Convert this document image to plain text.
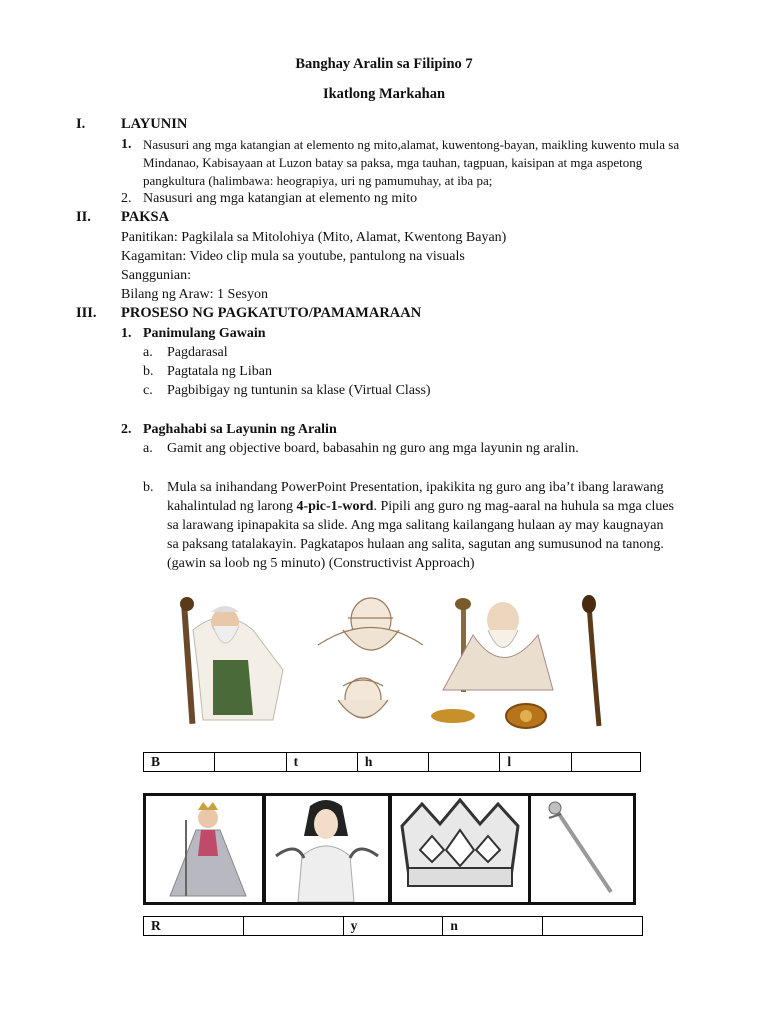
Banghay Aralin sa Filipino 7
Ikatlong Markahan
I. LAYUNIN
1. Nasusuri ang mga katangian at elemento ng mito,alamat, kuwentong-bayan, maikling kuwento mula sa
Mindanao, Kabisayaan at Luzon batay sa paksa, mga tauhan, tagpuan, kaisipan at mga aspetong
pangkultura (halimbawa: heograpiya, uri ng pamumuhay, at iba pa;
2. Nasusuri ang mga katangian at elemento ng mito
II. PAKSA
Panitikan: Pagkilala sa Mitolohiya (Mito, Alamat, Kwentong Bayan)
Kagamitan: Video clip mula sa youtube, pantulong na visuals
Sanggunian:
Bilang ng Araw: 1 Sesyon
III. PROSESO NG PAGKATUTO/PAMAMARAAN
1. Panimulang Gawain
a. Pagdarasal
b. Pagtatala ng Liban
c. Pagbibigay ng tuntunin sa klase (Virtual Class)
2. Paghahabi sa Layunin ng Aralin
a. Gamit ang objective board, babasahin ng guro ang mga layunin ng aralin.
b. Mula sa inihandang PowerPoint Presentation, ipakikita ng guro ang iba’t ibang larawang
kahalintulad ng larong 4-pic-1-word. Pipili ang guro ng mag-aaral na huhula sa mga clues
sa larawang ipinapakita sa slide. Ang mga salitang kailangang hulaan ay may kaugnayan
sa paksang tatalakayin. Pagkatapos hulaan ang salita, sagutan ang sumusunod na tanong.
(gawin sa loob ng 5 minuto) (Constructivist Approach)
B		t	h		l	
R		y	n	
